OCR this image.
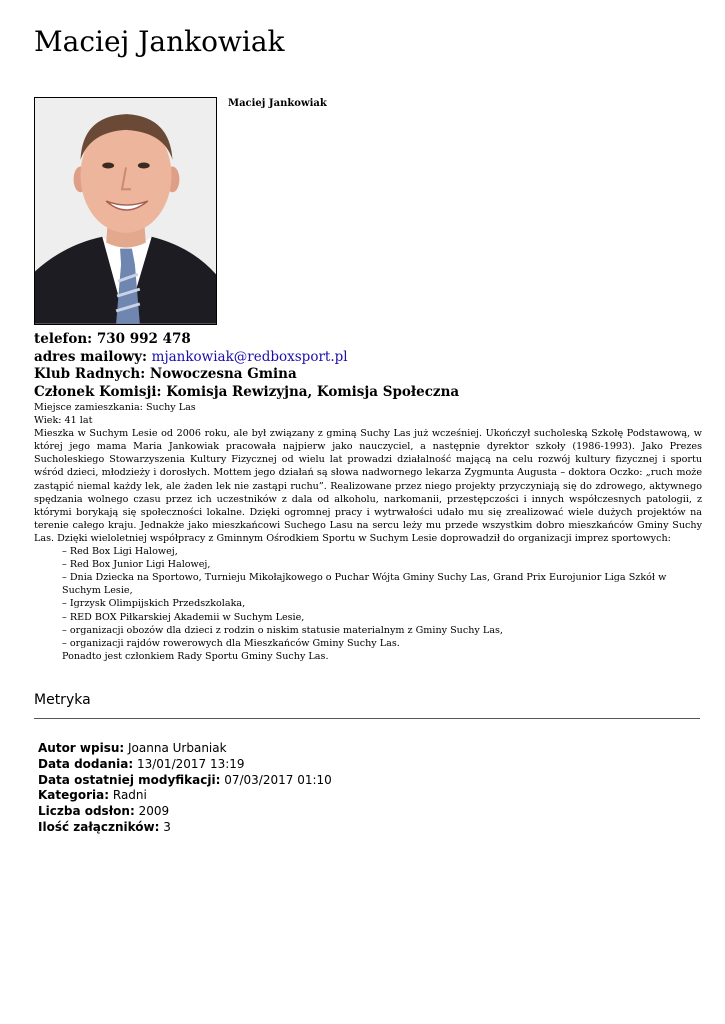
Maciej Jankowiak
Maciej Jankowiak
telefon: 730 992 478
adres mailowy: mjankowiak@redboxsport.pl
Klub Radnych: Nowoczesna Gmina
Członek Komisji: Komisja Rewizyjna, Komisja Społeczna
Miejsce zamieszkania: Suchy Las
Wiek: 41 lat

Mieszka w Suchym Lesie od 2006 roku, ale był związany z gminą Suchy Las już wcześniej. Ukończył sucholeską Szkołę Podstawową, w której jego mama Maria Jankowiak pracowała najpierw jako nauczyciel, a następnie dyrektor szkoły (1986-1993). Jako Prezes Sucholeskiego Stowarzyszenia Kultury Fizycznej od wielu lat prowadzi działalność mającą na celu rozwój kultury fizycznej i sportu wśród dzieci, młodzieży i dorosłych. Mottem jego działań są słowa nadwornego lekarza Zygmunta Augusta – doktora Oczko: „ruch może zastąpić niemal każdy lek, ale żaden lek nie zastąpi ruchu”. Realizowane przez niego projekty przyczyniają się do zdrowego, aktywnego spędzania wolnego czasu przez ich uczestników z dala od alkoholu, narkomanii, przestępczości i innych współczesnych patologii, z którymi borykają się społeczności lokalne. Dzięki ogromnej pracy i wytrwałości udało mu się zrealizować wiele dużych projektów na terenie całego kraju. Jednakże jako mieszkańcowi Suchego Lasu na sercu leży mu przede wszystkim dobro mieszkańców Gminy Suchy Las. Dzięki wieloletniej współpracy z Gminnym Ośrodkiem Sportu w Suchym Lesie doprowadził do organizacji imprez sportowych:

– Red Box Ligi Halowej,
– Red Box Junior Ligi Halowej,
– Dnia Dziecka na Sportowo, Turnieju Mikołajkowego o Puchar Wójta Gminy Suchy Las, Grand Prix Eurojunior Liga Szkół w Suchym Lesie,
– Igrzysk Olimpijskich Przedszkolaka,
– RED BOX Piłkarskiej Akademii w Suchym Lesie,
– organizacji obozów dla dzieci z rodzin o niskim statusie materialnym z Gminy Suchy Las,
– organizacji rajdów rowerowych dla Mieszkańców Gminy Suchy Las.
Ponadto jest członkiem Rady Sportu Gminy Suchy Las.
Metryka
Autor wpisu: Joanna Urbaniak
Data dodania: 13/01/2017 13:19
Data ostatniej modyfikacji: 07/03/2017 01:10
Kategoria: Radni
Liczba odsłon: 2009
Ilość załączników: 3
